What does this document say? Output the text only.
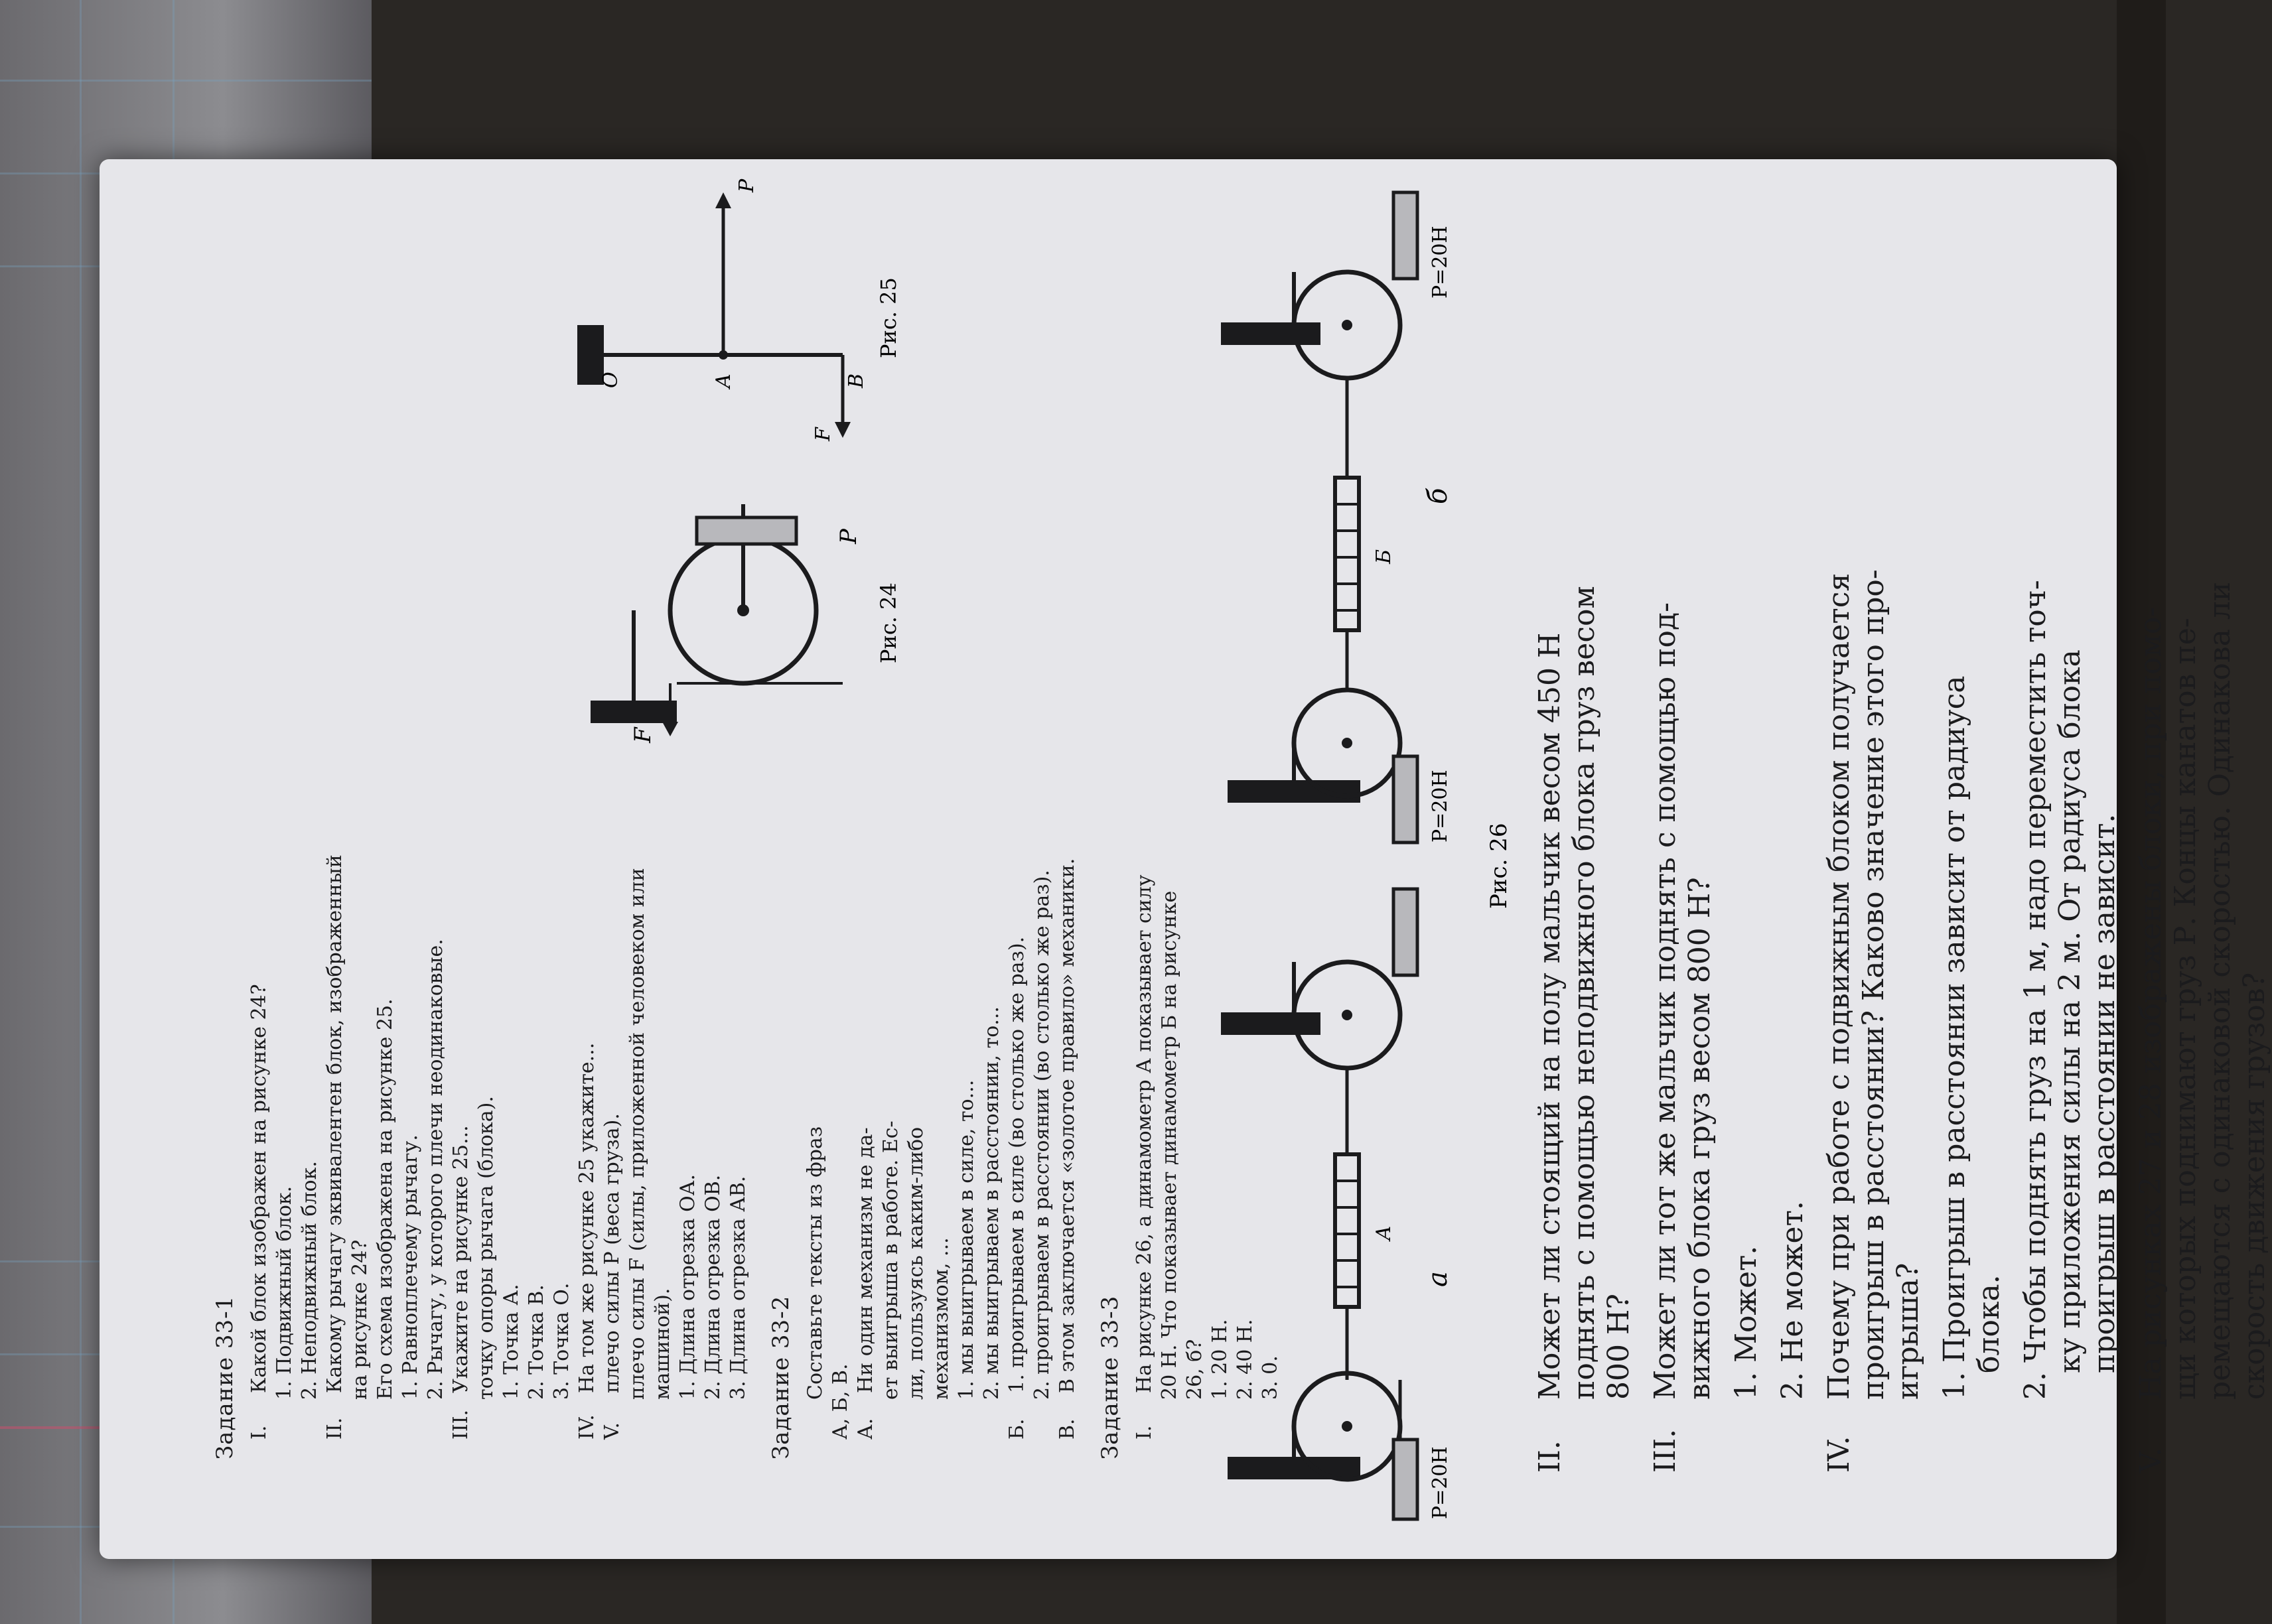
Задание 33-1 I.Какой блок изображен на рисунке 24? 1. Подвижный блок. 2. Неподвижный блок.

II.Какому рычагу эквивалентен блок, изображенный на рисунке 24? Его схема изображена на рисунке 25. 1. Равноплечему рычагу. 2. Рычагу, у которого плечи неодинаковые.

III.Укажите на рисунке 25... точку опоры рычага (блока). 1. Точка А. 2. Точка В. 3. Точка О.

IV.На том же рисунке 25 укажите...

V.плечо силы P (веса груза). плечо силы F (силы, приложенной человеком или машиной). 1. Длина отрезка ОА. 2. Длина отрезка ОВ. 3. Длина отрезка АВ. Задание 33-2 Составьте тексты из фраз

А, Б, В. А.Ни один механизм не да- ет выигрыша в работе. Ес- ли, пользуясь каким-либо механизмом, ... 1. мы выигрываем в силе, то... 2. мы выигрываем в расстоянии, то...

Б.1. проигрываем в силе (во столько же раз). 2. проигрываем в расстоянии (во столько же раз).

В.В этом заключается «золотое правило» механики. Задание 33-3 I.На рисунке 26, а динамометр А показывает силу 20 Н. Что показывает динамометр Б на рисунке 26, б? 1. 20 Н. 2. 40 Н. 3. 0.

F
P
Рис. 24
O	A	B
F
P
Рис. 25
P=20Н
А
а
P=20Н
Б
P=20Н
б
Рис. 26

II.Может ли стоящий на полу мальчик весом 450 Н поднять с помощью неподвижного блока груз весом 800 Н?

III.Может ли тот же мальчик поднять с помощью под- вижного блока груз весом 800 Н? 1. Может. 2. Не может.

IV.Почему при работе с подвижным блоком получается проигрыш в расстоянии? Каково значение этого про- игрыша? 1. Проигрыш в расстоянии зависит от радиуса блока. 2. Чтобы поднять груз на 1 м, надо переместить точ- ку приложения силы на 2 м. От радиуса блока проигрыш в расстоянии не зависит.

V.На рисунках 27 и 28 изображены блоки, при помо- щи которых поднимают груз Р. Концы канатов пе- ремещаются с одинаковой скоростью. Одинакова ли скорость движения грузов?
